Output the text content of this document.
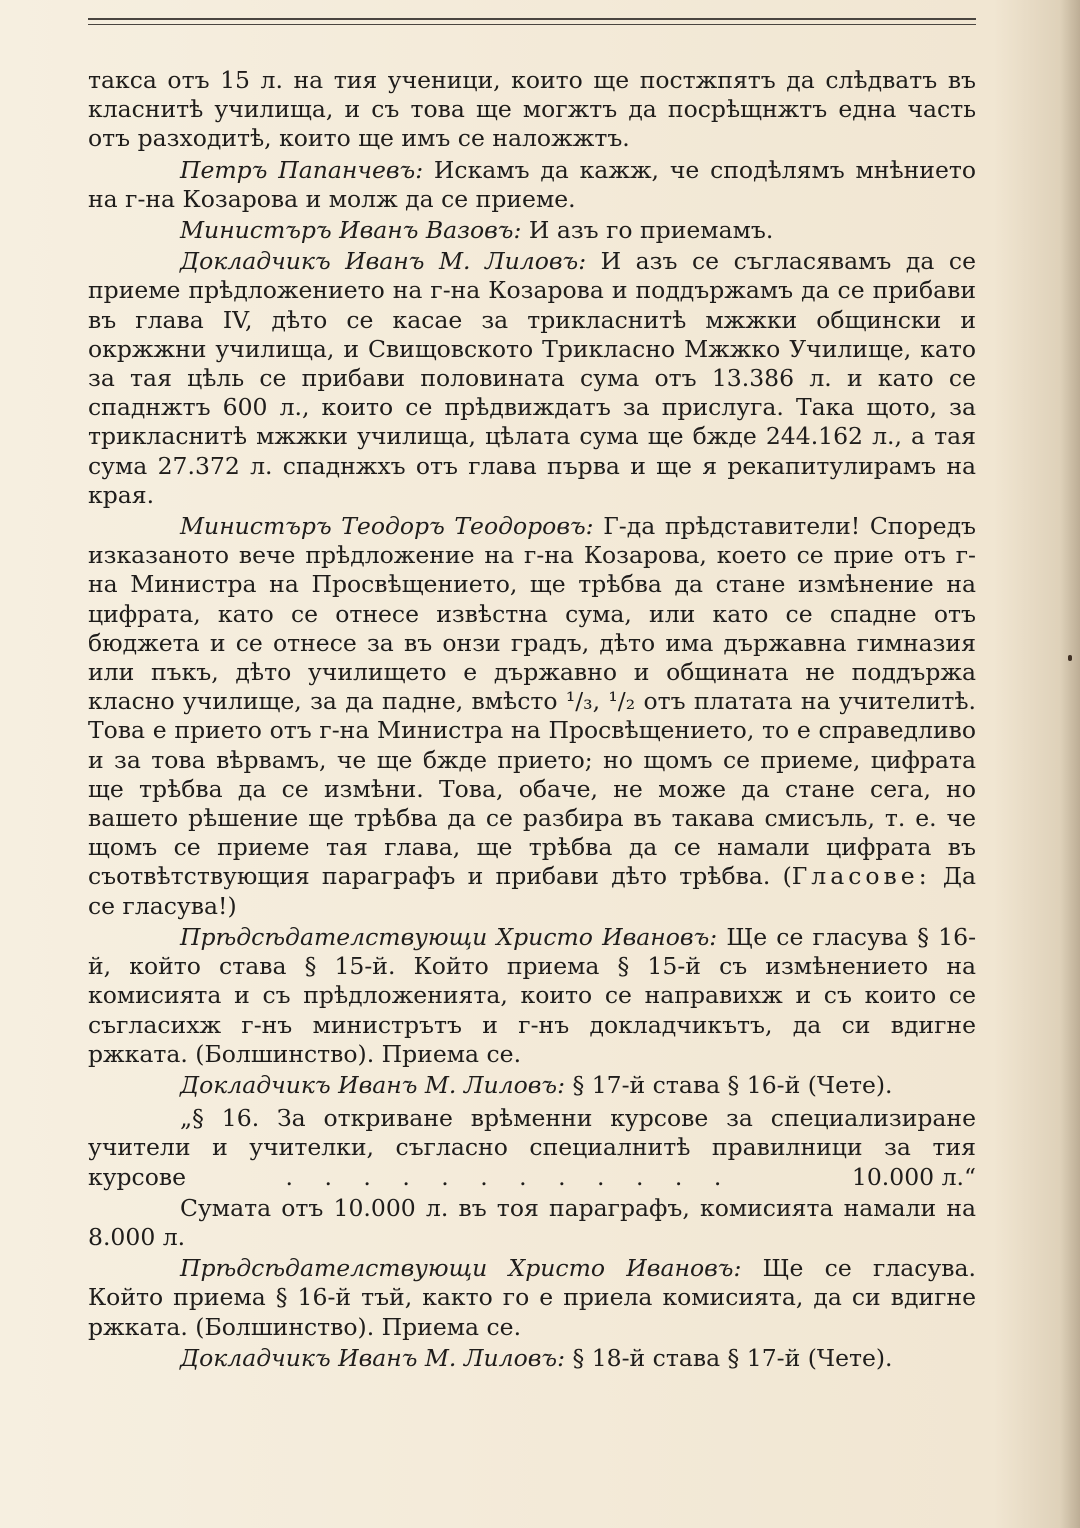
такса отъ 15 л. на тия ученици, които ще постжпятъ да слѣдватъ въ класнитѣ училища, и съ това ще могжтъ да посрѣщнжтъ една часть отъ разходитѣ, които ще имъ се наложжтъ.

Петръ Папанчевъ: Искамъ да кажж, че сподѣлямъ мнѣнието на г-на Козарова и молж да се приеме.

Министъръ Иванъ Вазовъ: И азъ го приемамъ.

Докладчикъ Иванъ М. Лиловъ: И азъ се съгласявамъ да се приеме прѣдложението на г-на Козарова и поддържамъ да се прибави въ глава IV, дѣто се касае за трикласнитѣ мжжки общински и окржжни училища, и Свищовското Трикласно Мжжко Училище, като за тая цѣль се прибави половината сума отъ 13.386 л. и като се спаднжтъ 600 л., които се прѣдвиждатъ за прислуга. Така щото, за трикласнитѣ мжжки училища, цѣлата сума ще бжде 244.162 л., а тая сума 27.372 л. спаднжхъ отъ глава първа и ще я рекапитулирамъ на края.

Министъръ Теодоръ Теодоровъ: Г-да прѣдставители! Споредъ изказаното вече прѣдложение на г-на Козарова, което се прие отъ г-на Министра на Просвѣщението, ще трѣбва да стане измѣнение на цифрата, като се отнесе извѣстна сума, или като се спадне отъ бюджета и се отнесе за въ онзи градъ, дѣто има държавна гимназия или пъкъ, дѣто училището е държавно и общината не поддържа класно училище, за да падне, вмѣсто ¹/₃, ¹/₂ отъ платата на учителитѣ. Това е прието отъ г-на Министра на Просвѣщението, то е справедливо и за това вѣрвамъ, че ще бжде прието; но щомъ се приеме, цифрата ще трѣбва да се измѣни. Това, обаче, не може да стане сега, но вашето рѣшение ще трѣбва да се разбира въ такава смисъль, т. е. че щомъ се приеме тая глава, ще трѣбва да се намали цифрата въ съотвѣтствующия параграфъ и прибави дѣто трѣбва. (Гласове: Да се гласува!)

Прѣдсѣдателствующи Христо Ивановъ: Ще се гласува § 16-й, който става § 15-й. Който приема § 15-й съ измѣнението на комисията и съ прѣдложенията, които се направихж и съ които се съгласихж г-нъ министрътъ и г-нъ докладчикътъ, да си вдигне ржката. (Болшинство). Приема се.

Докладчикъ Иванъ М. Лиловъ: § 17-й става § 16-й (Чете).

„§ 16. За откриване врѣменни курсове за специализиране учители и учителки, съгласно специалнитѣ правилници за тия курсове	. . . . . . . . . . . .	10.000 л.“

Сумата отъ 10.000 л. въ тоя параграфъ, комисията намали на 8.000 л.

Прѣдсѣдателствующи Христо Ивановъ: Ще се гласува. Който приема § 16-й тъй, както го е приела комисията, да си вдигне ржката. (Болшинство). Приема се.

Докладчикъ Иванъ М. Лиловъ: § 18-й става § 17-й (Чете).
